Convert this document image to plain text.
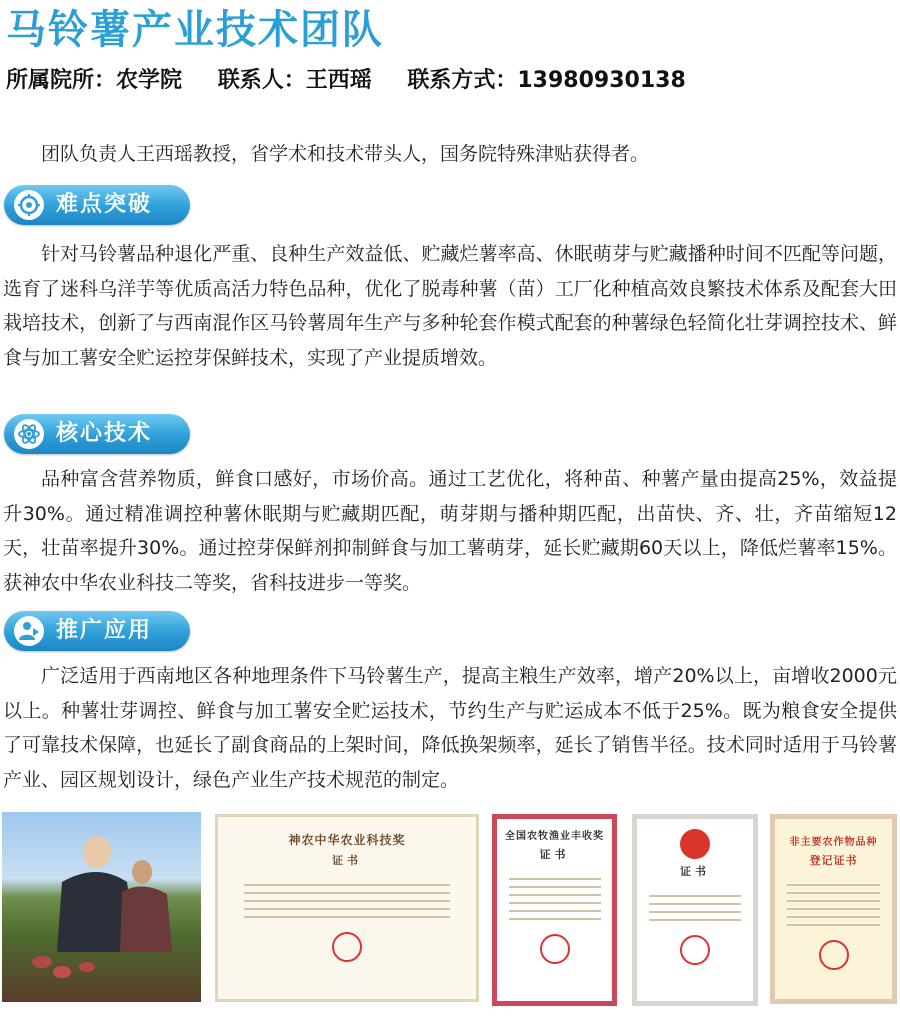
马铃薯产业技术团队
所属院所：农学院 联系人：王西瑶 联系方式：13980930138

团队负责人王西瑶教授，省学术和技术带头人，国务院特殊津贴获得者。

难点突破

针对马铃薯品种退化严重、良种生产效益低、贮藏烂薯率高、休眠萌芽与贮藏播种时间不匹配等问题，选育了迷科乌洋芋等优质高活力特色品种，优化了脱毒种薯（苗）工厂化种植高效良繁技术体系及配套大田栽培技术，创新了与西南混作区马铃薯周年生产与多种轮套作模式配套的种薯绿色轻简化壮芽调控技术、鲜食与加工薯安全贮运控芽保鲜技术，实现了产业提质增效。

核心技术

品种富含营养物质，鲜食口感好，市场价高。通过工艺优化，将种苗、种薯产量由提高25%，效益提升30%。通过精准调控种薯休眠期与贮藏期匹配，萌芽期与播种期匹配，出苗快、齐、壮，齐苗缩短12天，壮苗率提升30%。通过控芽保鲜剂抑制鲜食与加工薯萌芽，延长贮藏期60天以上，降低烂薯率15%。获神农中华农业科技二等奖，省科技进步一等奖。

推广应用

广泛适用于西南地区各种地理条件下马铃薯生产，提高主粮生产效率，增产20%以上，亩增收2000元以上。种薯壮芽调控、鲜食与加工薯安全贮运技术，节约生产与贮运成本不低于25%。既为粮食安全提供了可靠技术保障，也延长了副食商品的上架时间，降低换架频率，延长了销售半径。技术同时适用于马铃薯产业、园区规划设计，绿色产业生产技术规范的制定。

神农中华农业科技奖
证书
全国农牧渔业丰收奖
证书
证书
非主要农作物品种
登记证书
